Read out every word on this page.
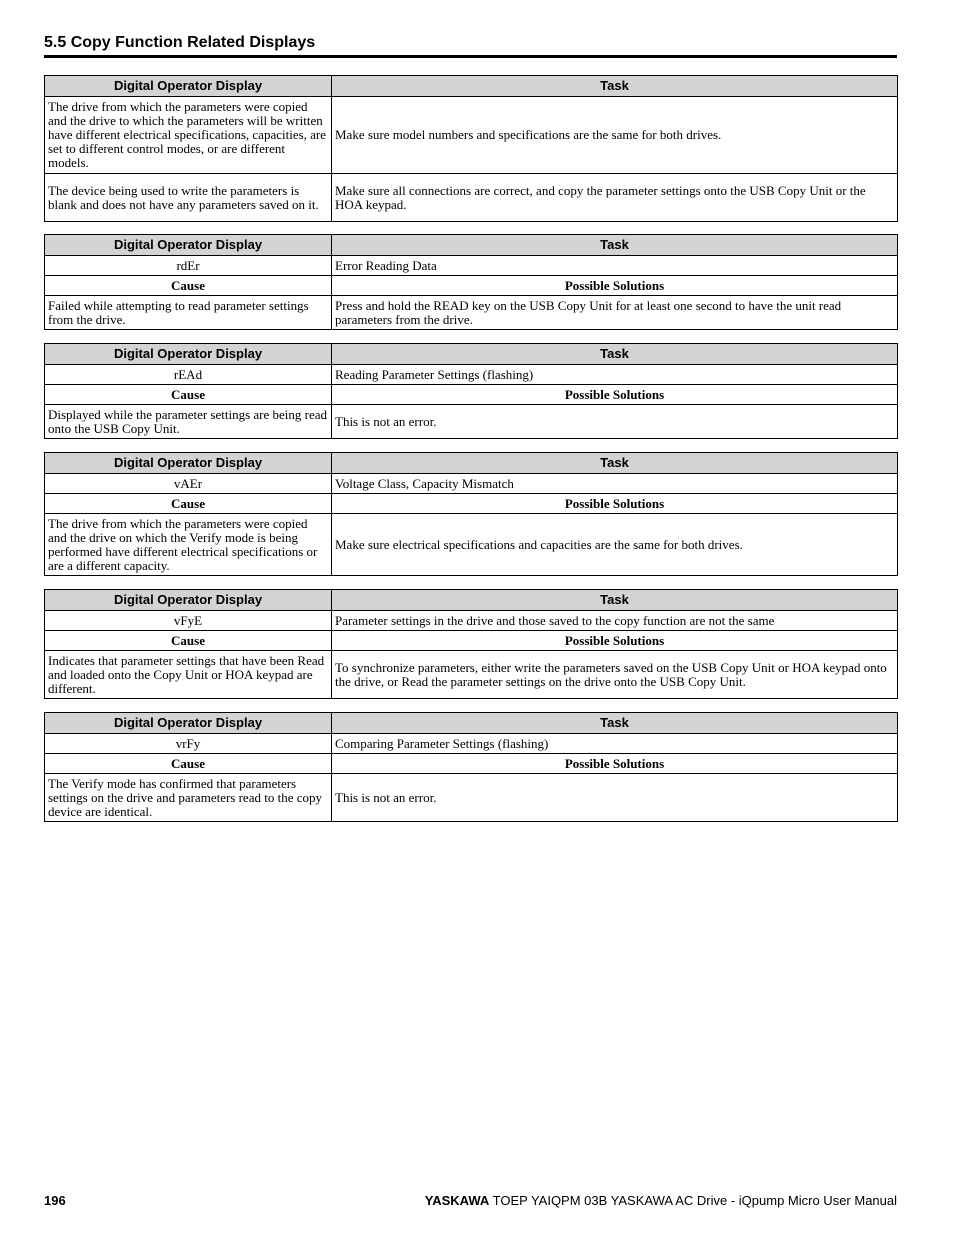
5.5 Copy Function Related Displays
Digital Operator Display	Task
The drive from which the parameters were copied and the drive to which the parameters will be written have different electrical specifications, capacities, are set to different control modes, or are different models.	Make sure model numbers and specifications are the same for both drives.
The device being used to write the parameters is blank and does not have any parameters saved on it.	Make sure all connections are correct, and copy the parameter settings onto the USB Copy Unit or the HOA keypad.
Digital Operator Display	Task
rdEr	Error Reading Data
Cause	Possible Solutions
Failed while attempting to read parameter settings from the drive.	Press and hold the READ key on the USB Copy Unit for at least one second to have the unit read parameters from the drive.
Digital Operator Display	Task
rEAd	Reading Parameter Settings (flashing)
Cause	Possible Solutions
Displayed while the parameter settings are being read onto the USB Copy Unit.	This is not an error.
Digital Operator Display	Task
vAEr	Voltage Class, Capacity Mismatch
Cause	Possible Solutions
The drive from which the parameters were copied and the drive on which the Verify mode is being performed have different electrical specifications or are a different capacity.	Make sure electrical specifications and capacities are the same for both drives.
Digital Operator Display	Task
vFyE	Parameter settings in the drive and those saved to the copy function are not the same
Cause	Possible Solutions
Indicates that parameter settings that have been Read and loaded onto the Copy Unit or HOA keypad are different.	To synchronize parameters, either write the parameters saved on the USB Copy Unit or HOA keypad onto the drive, or Read the parameter settings on the drive onto the USB Copy Unit.
Digital Operator Display	Task
vrFy	Comparing Parameter Settings (flashing)
Cause	Possible Solutions
The Verify mode has confirmed that parameters settings on the drive and parameters read to the copy device are identical.	This is not an error.
196	YASKAWA TOEP YAIQPM 03B YASKAWA AC Drive - iQpump Micro User Manual
